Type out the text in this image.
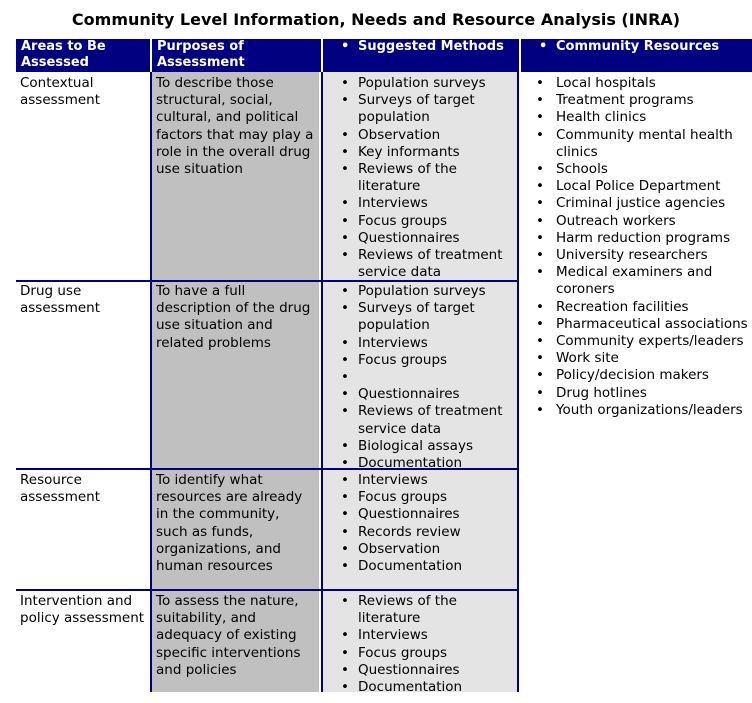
Community Level Information, Needs and Resource Analysis (INRA)
Areas to Be Assessed
Purposes of Assessment
• Suggested Methods
•	Community Resources
Contextual assessment
To describe those structural, social, cultural, and political factors that may play a role in the overall drug use situation
• Population surveys
• Surveys of target population
• Observation
• Key informants
• Reviews of the literature
• Interviews
• Focus groups
• Questionnaires
• Reviews of treatment service data
Drug use assessment
To have a full description of the drug use situation and related problems
• Population surveys
• Surveys of target population
• Interviews
• Focus groups
•
• Questionnaires
• Reviews of treatment service data
• Biological assays
• Documentation
Resource assessment
To identify what resources are already in the community, such as funds, organizations, and human resources
• Interviews
• Focus groups
• Questionnaires
• Records review
• Observation
• Documentation
Intervention and policy assessment
To assess the nature, suitability, and adequacy of existing specific interventions and policies
• Reviews of the literature
• Interviews
• Focus groups
• Questionnaires
• Documentation
• Local hospitals
• Treatment programs
• Health clinics
• Community mental health clinics
• Schools
• Local Police Department
• Criminal justice agencies
• Outreach workers
• Harm reduction programs
• University researchers
• Medical examiners and coroners
• Recreation facilities
• Pharmaceutical associations
• Community experts/leaders
• Work site
• Policy/decision makers
• Drug hotlines
• Youth organizations/leaders
